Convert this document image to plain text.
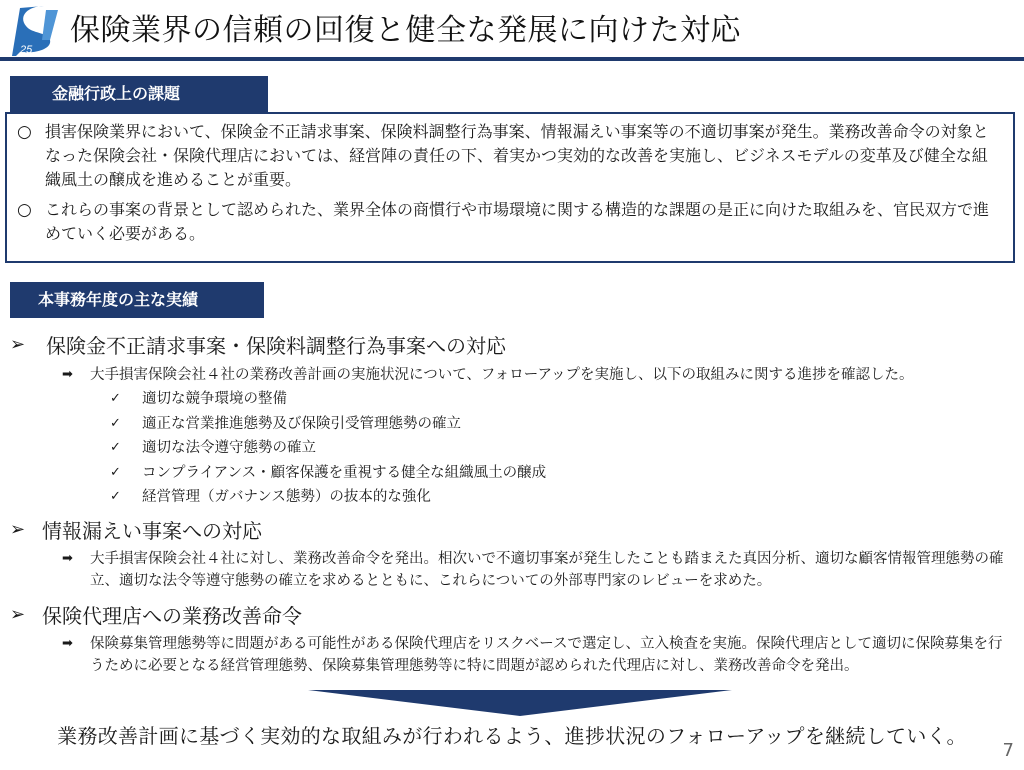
25
保険業界の信頼の回復と健全な発展に向けた対応
金融行政上の課題
○ 損害保険業界において、保険金不正請求事案、保険料調整行為事案、情報漏えい事案等の不適切事案が発生。業務改善命令の対象となった保険会社・保険代理店においては、経営陣の責任の下、着実かつ実効的な改善を実施し、ビジネスモデルの変革及び健全な組織風土の醸成を進めることが重要。
○ これらの事案の背景として認められた、業界全体の商慣行や市場環境に関する構造的な課題の是正に向けた取組みを、官民双方で進めていく必要がある。
本事務年度の主な実績
➢	保険金不正請求事案・保険料調整行為事案への対応
➡	大手損害保険会社４社の業務改善計画の実施状況について、フォローアップを実施し、以下の取組みに関する進捗を確認した。
✓	適切な競争環境の整備
✓	適正な営業推進態勢及び保険引受管理態勢の確立
✓	適切な法令遵守態勢の確立
✓	コンプライアンス・顧客保護を重視する健全な組織風土の醸成
✓	経営管理（ガバナンス態勢）の抜本的な強化
➢ 情報漏えい事案への対応
➡	大手損害保険会社４社に対し、業務改善命令を発出。相次いで不適切事案が発生したことも踏まえた真因分析、適切な顧客情報管理態勢の確立、適切な法令等遵守態勢の確立を求めるとともに、これらについての外部専門家のレビューを求めた。
➢ 保険代理店への業務改善命令
➡	保険募集管理態勢等に問題がある可能性がある保険代理店をリスクベースで選定し、立入検査を実施。保険代理店として適切に保険募集を行うために必要となる経営管理態勢、保険募集管理態勢等に特に問題が認められた代理店に対し、業務改善命令を発出。
業務改善計画に基づく実効的な取組みが行われるよう、進捗状況のフォローアップを継続していく。
7
